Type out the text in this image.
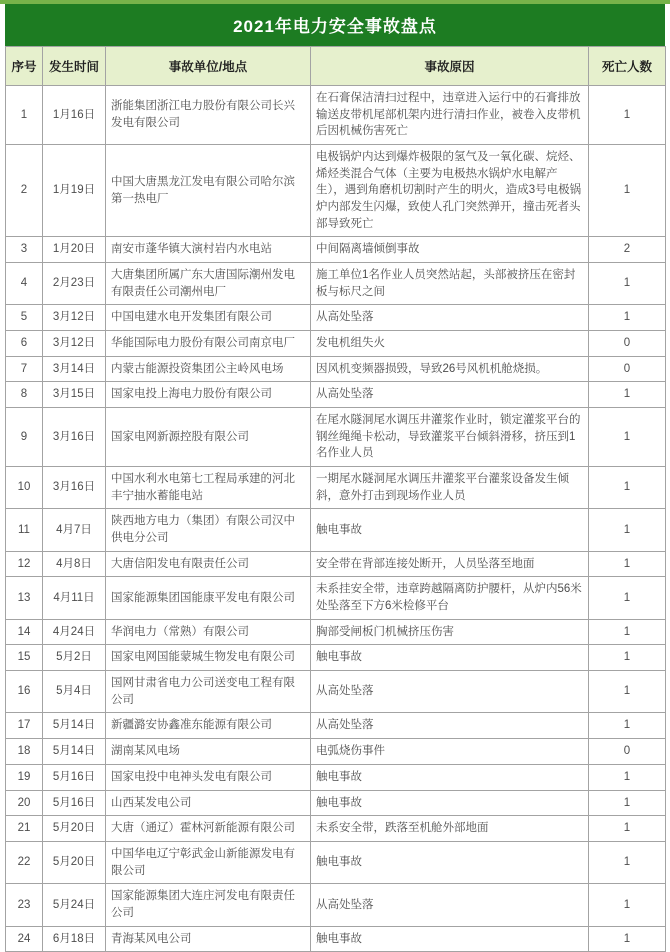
2021年电力安全事故盘点
序号	发生时间	事故单位/地点	事故原因	死亡人数
1	1月16日	浙能集团浙江电力股份有限公司长兴发电有限公司	在石膏保洁清扫过程中，违章进入运行中的石膏排放输送皮带机尾部机架内进行清扫作业，被卷入皮带机后因机械伤害死亡	1
2	1月19日	中国大唐黑龙江发电有限公司哈尔滨第一热电厂	电极锅炉内达到爆炸极限的氢气及一氧化碳、烷烃、烯烃类混合气体（主要为电极热水锅炉水电解产生），遇到角磨机切割时产生的明火，造成3号电极锅炉内部发生闪爆，致使人孔门突然弹开，撞击死者头部导致死亡	1
3	1月20日	南安市蓬华镇大演村岩内水电站	中间隔离墙倾倒事故	2
4	2月23日	大唐集团所属广东大唐国际潮州发电有限责任公司潮州电厂	施工单位1名作业人员突然站起，头部被挤压在密封板与标尺之间	1
5	3月12日	中国电建水电开发集团有限公司	从高处坠落	1
6	3月12日	华能国际电力股份有限公司南京电厂	发电机组失火	0
7	3月14日	内蒙古能源投资集团公主岭风电场	因风机变频器损毁，导致26号风机机舱烧损。	0
8	3月15日	国家电投上海电力股份有限公司	从高处坠落	1
9	3月16日	国家电网新源控股有限公司	在尾水隧洞尾水调压井灌浆作业时，锁定灌浆平台的钢丝绳绳卡松动，导致灌浆平台倾斜滑移，挤压到1名作业人员	1
10	3月16日	中国水利水电第七工程局承建的河北丰宁抽水蓄能电站	一期尾水隧洞尾水调压井灌浆平台灌浆设备发生倾斜，意外打击到现场作业人员	1
11	4月7日	陕西地方电力（集团）有限公司汉中供电分公司	触电事故	1
12	4月8日	大唐信阳发电有限责任公司	安全带在背部连接处断开，人员坠落至地面	1
13	4月11日	国家能源集团国能康平发电有限公司	未系挂安全带，违章跨越隔离防护腰杆，从炉内56米处坠落至下方6米检修平台	1
14	4月24日	华润电力（常熟）有限公司	胸部受闸板门机械挤压伤害	1
15	5月2日	国家电网国能蒙城生物发电有限公司	触电事故	1
16	5月4日	国网甘肃省电力公司送变电工程有限公司	从高处坠落	1
17	5月14日	新疆潞安协鑫准东能源有限公司	从高处坠落	1
18	5月14日	湖南某风电场	电弧烧伤事件	0
19	5月16日	国家电投中电神头发电有限公司	触电事故	1
20	5月16日	山西某发电公司	触电事故	1
21	5月20日	大唐（通辽）霍林河新能源有限公司	未系安全带，跌落至机舱外部地面	1
22	5月20日	中国华电辽宁彰武金山新能源发电有限公司	触电事故	1
23	5月24日	国家能源集团大连庄河发电有限责任公司	从高处坠落	1
24	6月18日	青海某风电公司	触电事故	1
